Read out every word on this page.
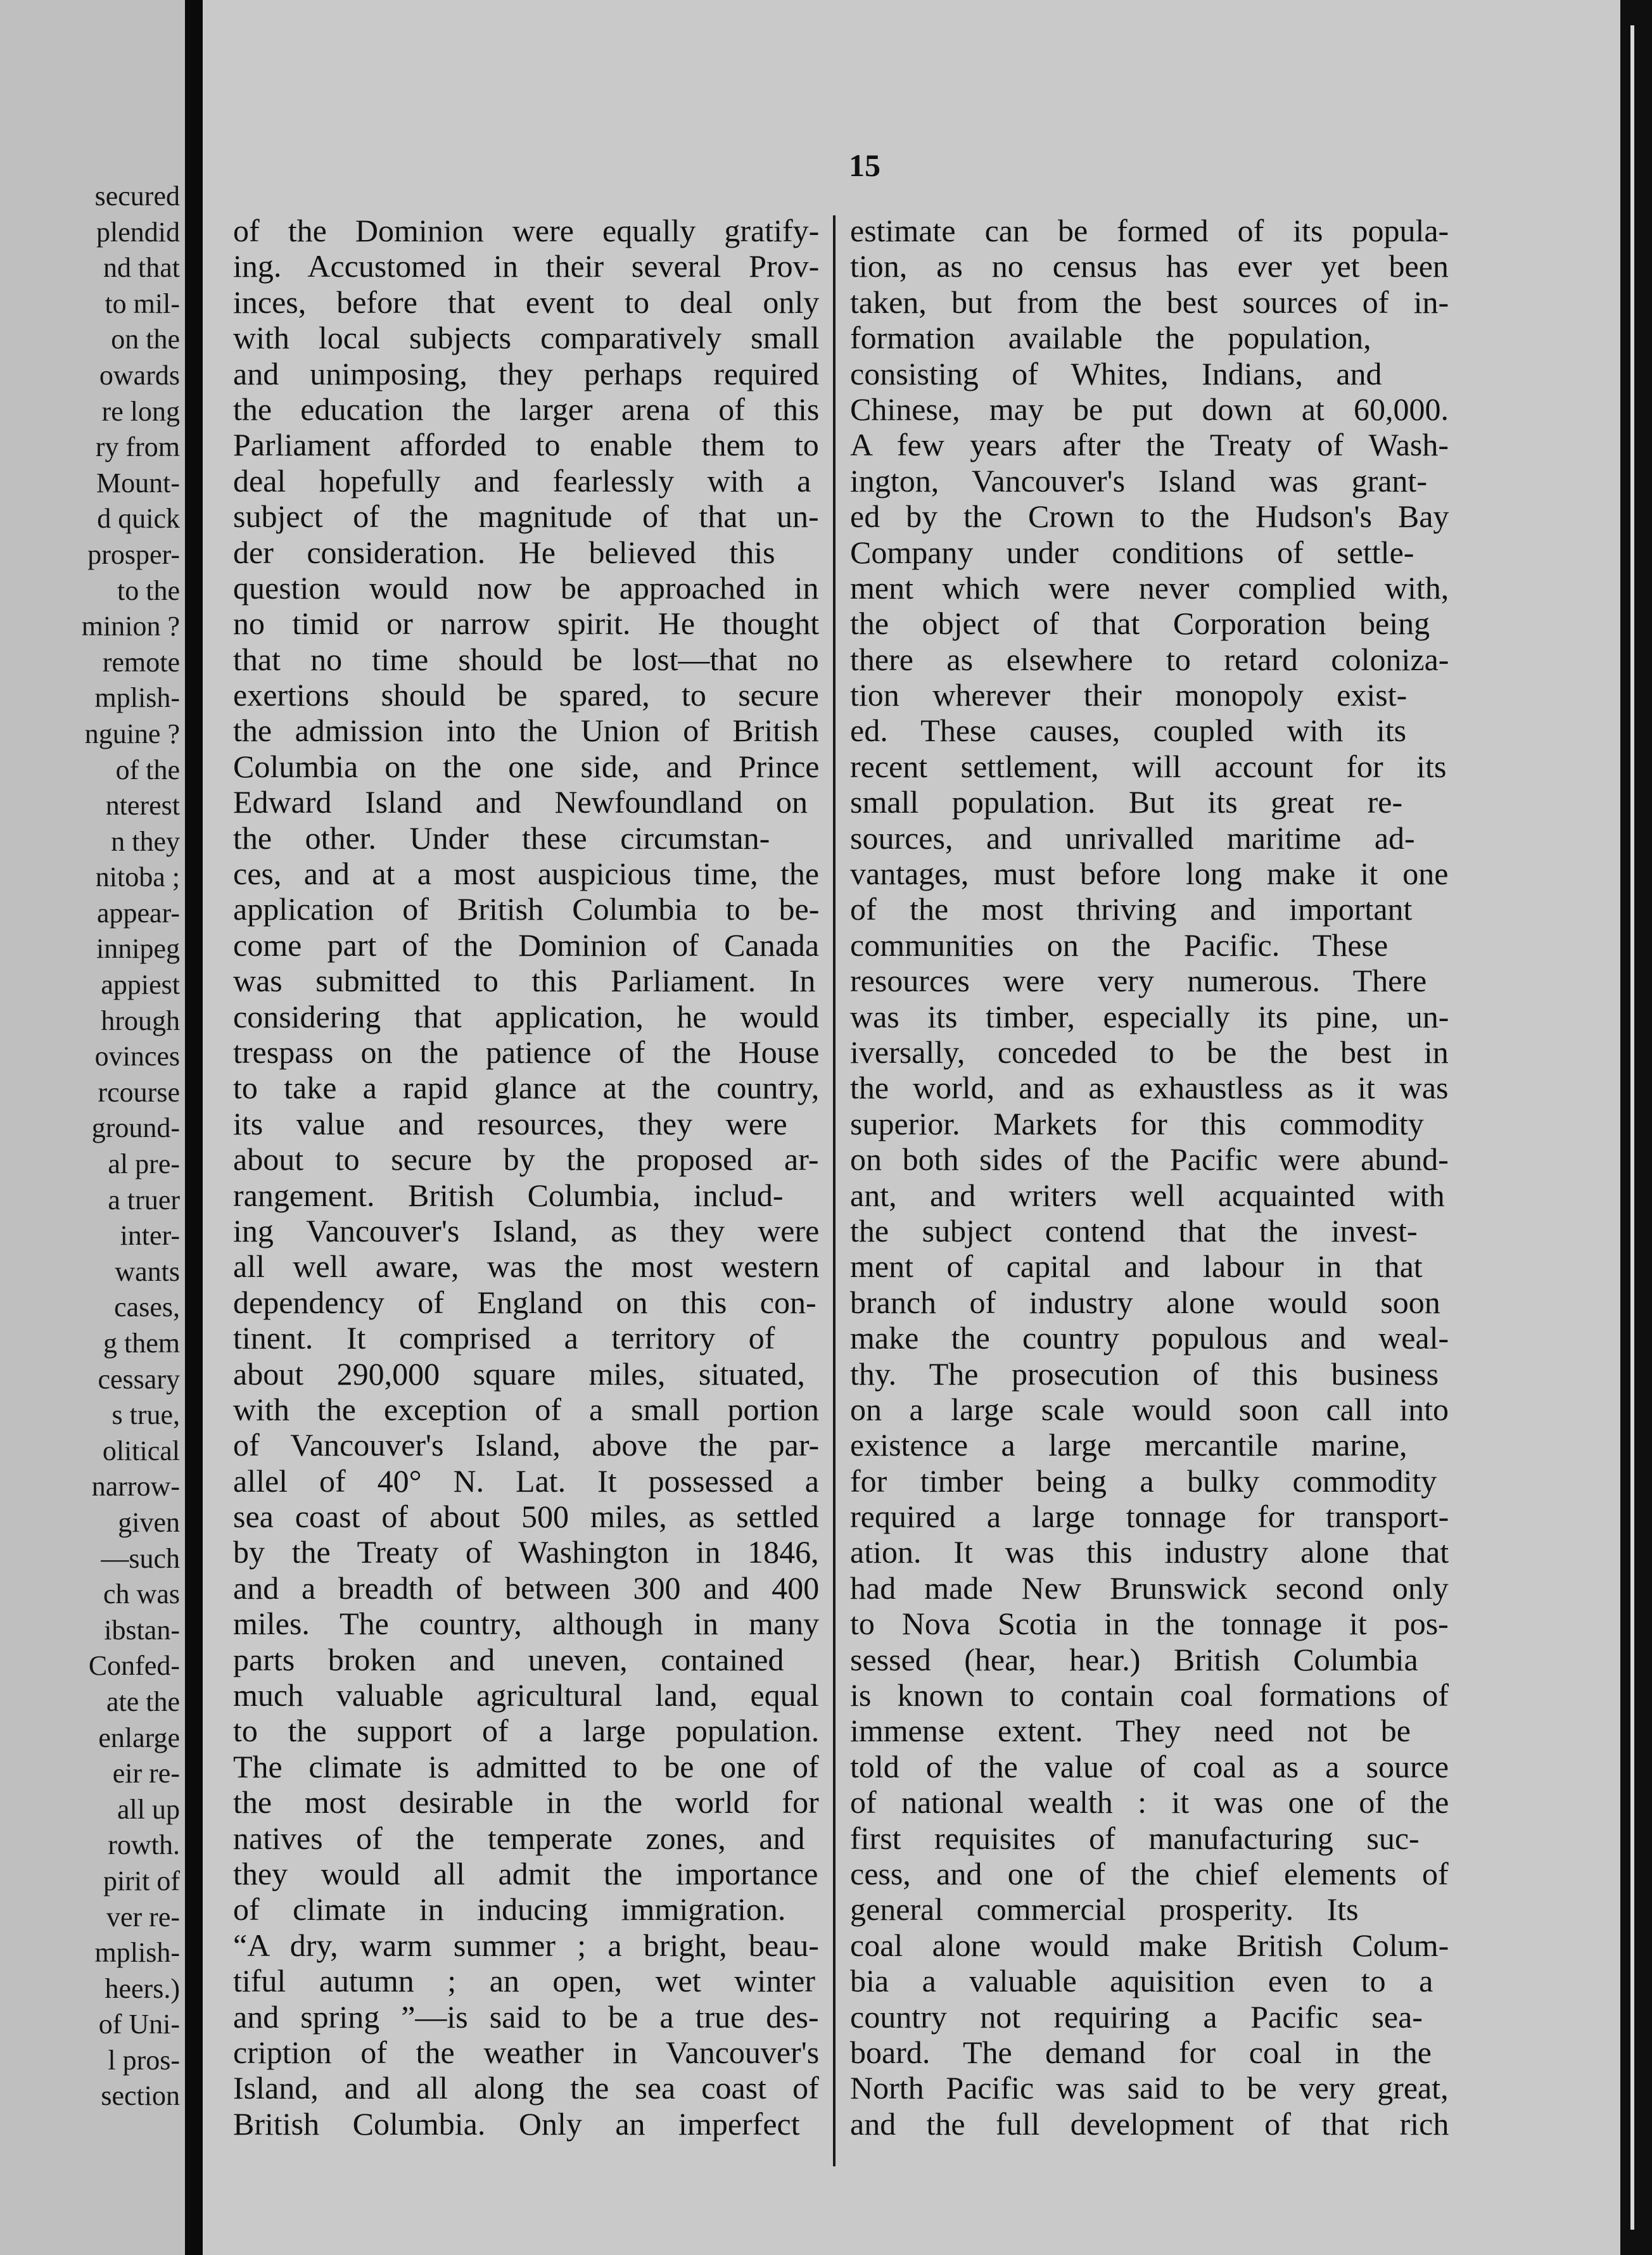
secured
plendid
nd that
to mil-
on the
owards
re long
ry from
Mount-
d quick
prosper-
to the
minion ?
remote
mplish-
nguine ?
of the
nterest
n they
nitoba ;
appear-
innipeg
appiest
hrough
ovinces
rcourse
ground-
al pre-
a truer
inter-
wants
cases,
g them
cessary
s true,
olitical
narrow-
given
—such
ch was
ibstan-
Confed-
ate the
enlarge
eir re-
all up
rowth.
pirit of
ver re-
mplish-
heers.)
of Uni-
l pros-
section
15
of the Dominion were equally gratify-
ing. Accustomed in their several Prov-
inces, before that event to deal only
with local subjects comparatively small
and unimposing, they perhaps required
the education the larger arena of this
Parliament afforded to enable them to
deal hopefully and fearlessly with a
subject of the magnitude of that un-
der consideration. He believed this
question would now be approached in
no timid or narrow spirit. He thought
that no time should be lost—that no
exertions should be spared, to secure
the admission into the Union of British
Columbia on the one side, and Prince
Edward Island and Newfoundland on
the other. Under these circumstan-
ces, and at a most auspicious time, the
application of British Columbia to be-
come part of the Dominion of Canada
was submitted to this Parliament. In
considering that application, he would
trespass on the patience of the House
to take a rapid glance at the country,
its value and resources, they were
about to secure by the proposed ar-
rangement. British Columbia, includ-
ing Vancouver's Island, as they were
all well aware, was the most western
dependency of England on this con-
tinent. It comprised a territory of
about 290,000 square miles, situated,
with the exception of a small portion
of Vancouver's Island, above the par-
allel of 40° N. Lat. It possessed a
sea coast of about 500 miles, as settled
by the Treaty of Washington in 1846,
and a breadth of between 300 and 400
miles. The country, although in many
parts broken and uneven, contained
much valuable agricultural land, equal
to the support of a large population.
The climate is admitted to be one of
the most desirable in the world for
natives of the temperate zones, and
they would all admit the importance
of climate in inducing immigration.
“A dry, warm summer ; a bright, beau-
tiful autumn ; an open, wet winter
and spring ”—is said to be a true des-
cription of the weather in Vancouver's
Island, and all along the sea coast of
British Columbia. Only an imperfect
estimate can be formed of its popula-
tion, as no census has ever yet been
taken, but from the best sources of in-
formation available the population,
consisting of Whites, Indians, and
Chinese, may be put down at 60,000.
A few years after the Treaty of Wash-
ington, Vancouver's Island was grant-
ed by the Crown to the Hudson's Bay
Company under conditions of settle-
ment which were never complied with,
the object of that Corporation being
there as elsewhere to retard coloniza-
tion wherever their monopoly exist-
ed. These causes, coupled with its
recent settlement, will account for its
small population. But its great re-
sources, and unrivalled maritime ad-
vantages, must before long make it one
of the most thriving and important
communities on the Pacific. These
resources were very numerous. There
was its timber, especially its pine, un-
iversally, conceded to be the best in
the world, and as exhaustless as it was
superior. Markets for this commodity
on both sides of the Pacific were abund-
ant, and writers well acquainted with
the subject contend that the invest-
ment of capital and labour in that
branch of industry alone would soon
make the country populous and weal-
thy. The prosecution of this business
on a large scale would soon call into
existence a large mercantile marine,
for timber being a bulky commodity
required a large tonnage for transport-
ation. It was this industry alone that
had made New Brunswick second only
to Nova Scotia in the tonnage it pos-
sessed (hear, hear.) British Columbia
is known to contain coal formations of
immense extent. They need not be
told of the value of coal as a source
of national wealth : it was one of the
first requisites of manufacturing suc-
cess, and one of the chief elements of
general commercial prosperity. Its
coal alone would make British Colum-
bia a valuable aquisition even to a
country not requiring a Pacific sea-
board. The demand for coal in the
North Pacific was said to be very great,
and the full development of that rich
